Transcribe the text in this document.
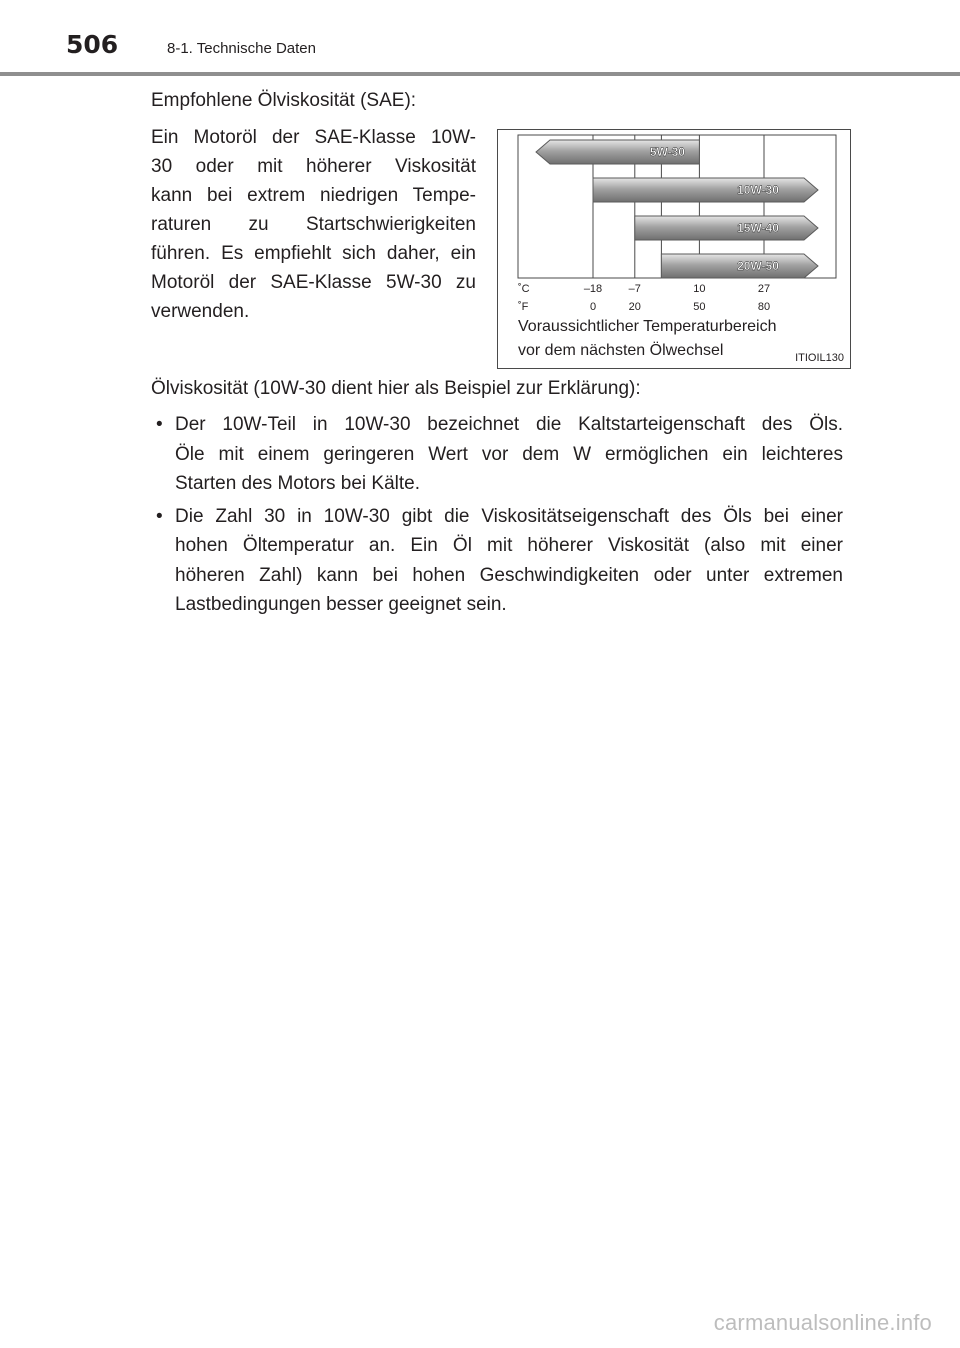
506	8-1. Technische Daten
Empfohlene Ölviskosität (SAE):
Ein Motoröl der SAE-Klasse 10W-
30 oder mit höherer Viskosität
kann bei extrem niedrigen Tempe-
raturen zu Startschwierigkeiten
führen. Es empfiehlt sich daher, ein
Motoröl der SAE-Klasse 5W-30 zu
verwenden.
5W-30
10W-30
15W-40
20W-50
˚C
˚F
–18 –7	10	27
0	20	50	80
Voraussichtlicher Temperaturbereich
vor dem nächsten Ölwechsel	ITIOIL130
Ölviskosität (10W-30 dient hier als Beispiel zur Erklärung):
• Der 10W-Teil in 10W-30 bezeichnet die Kaltstarteigenschaft des Öls.
Öle mit einem geringeren Wert vor dem W ermöglichen ein leichteres
Starten des Motors bei Kälte.
• Die Zahl 30 in 10W-30 gibt die Viskositätseigenschaft des Öls bei einer
hohen Öltemperatur an. Ein Öl mit höherer Viskosität (also mit einer
höheren Zahl) kann bei hohen Geschwindigkeiten oder unter extremen
Lastbedingungen besser geeignet sein.
carmanualsonline.info
